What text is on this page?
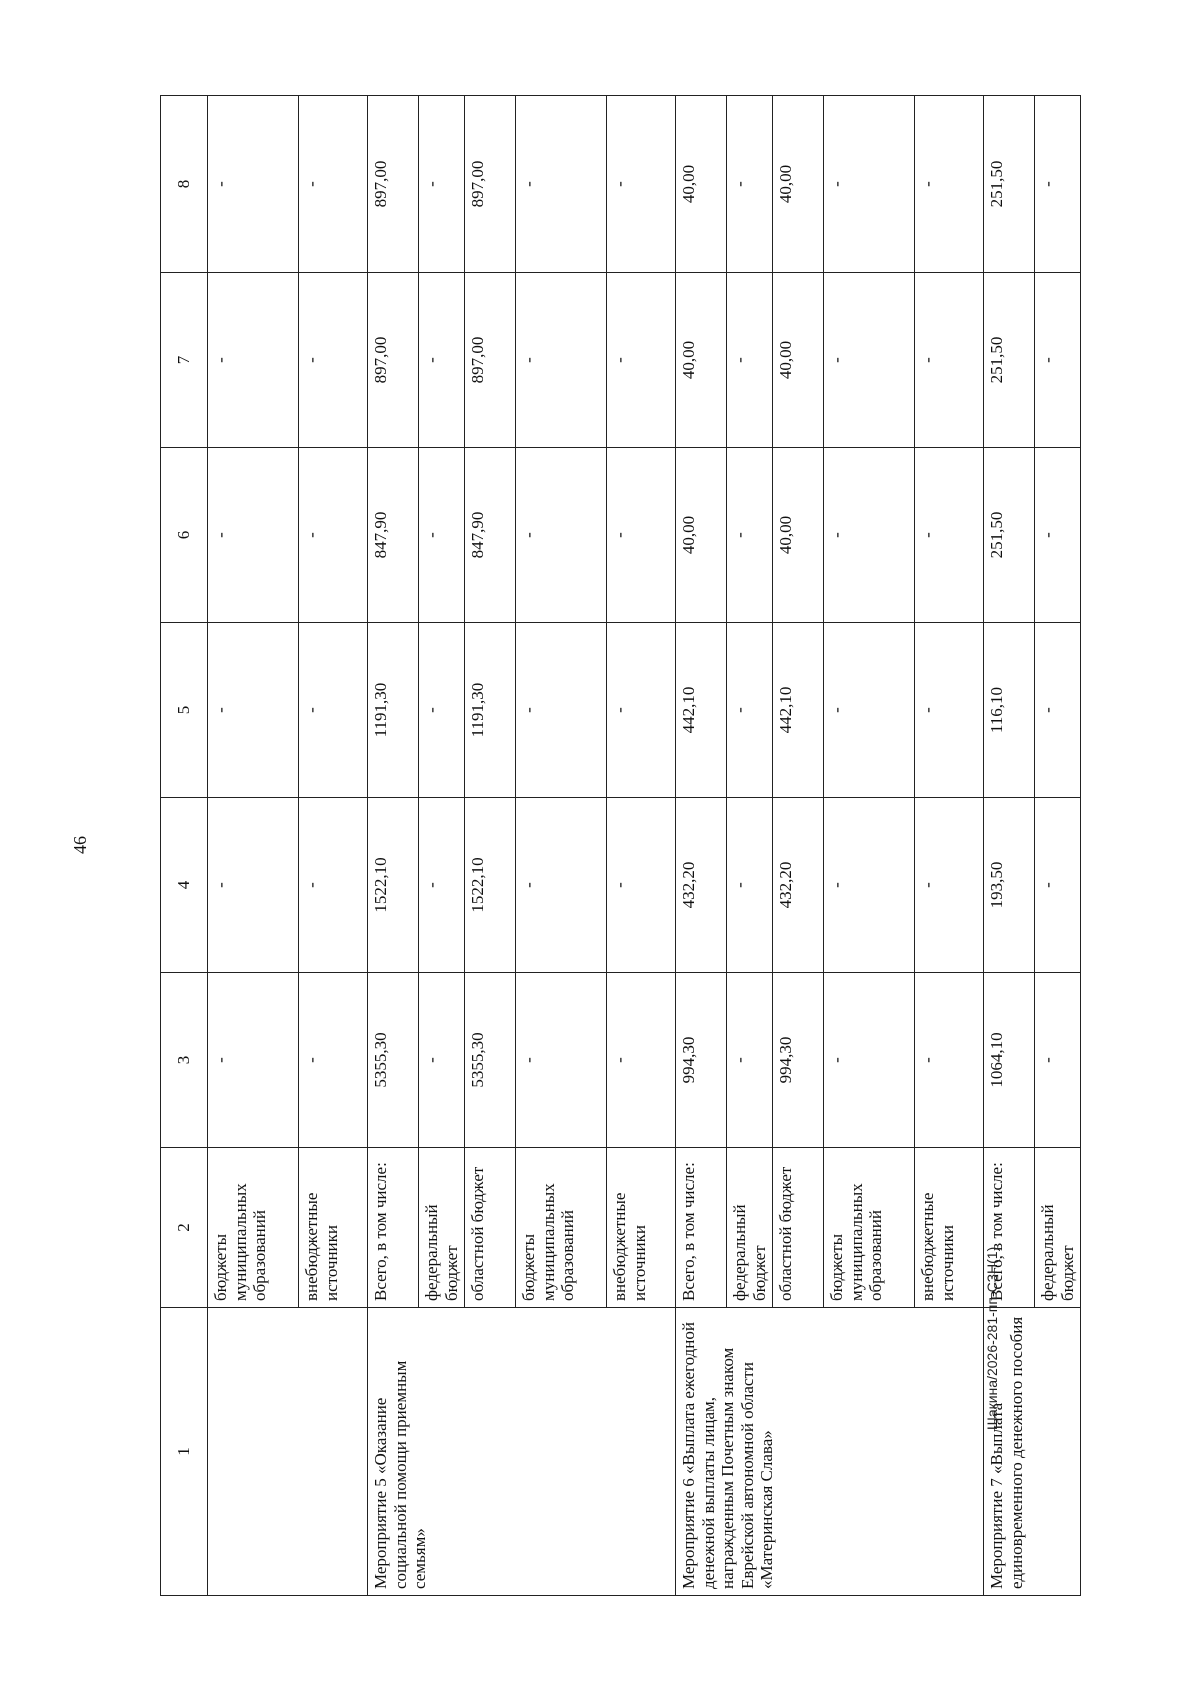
46
1	2	3	4	5	6	7	8
	бюджеты муниципальных образований	-	-	-	-	-	-
	внебюджетные источники	-	-	-	-	-	-
Мероприятие 5 «Оказание социальной помощи приемным семьям»	Всего, в том числе:	5355,30	1522,10	1191,30	847,90	897,00	897,00
	федеральный бюджет	-	-	-	-	-	-
	областной бюджет	5355,30	1522,10	1191,30	847,90	897,00	897,00
	бюджеты муниципальных образований	-	-	-	-	-	-
	внебюджетные источники	-	-	-	-	-	-
Мероприятие 6 «Выплата ежегодной денежной выплаты лицам, награжденным Почетным знаком Еврейской автономной области «Материнская Слава»	Всего, в том числе:	994,30	432,20	442,10	40,00	40,00	40,00
	федеральный бюджет	-	-	-	-	-	-
	областной бюджет	994,30	432,20	442,10	40,00	40,00	40,00
	бюджеты муниципальных образований	-	-	-	-	-	-
	внебюджетные источники	-	-	-	-	-	-
Мероприятие 7 «Выплата единовременного денежного пособия	Всего, в том числе:	1064,10	193,50	116,10	251,50	251,50	251,50
	федеральный бюджет	-	-	-	-	-	-
Шакина/2026-281-пп-СЗН(1)
